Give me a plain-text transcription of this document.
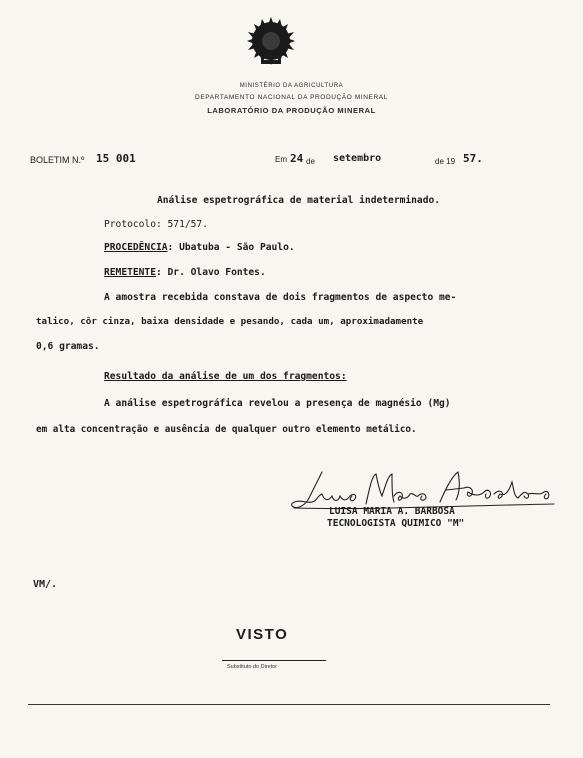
MINISTÉRIO DA AGRICULTURA
DEPARTAMENTO NACIONAL DA PRODUÇÃO MINERAL
LABORATÓRIO DA PRODUÇÃO MINERAL
BOLETIM N.º 15 001	Em 24 de setembro	de 19 57.
Análise espetrográfica de material indeterminado.
Protocolo: 571/57.
PROCEDÊNCIA: Ubatuba - São Paulo.
REMETENTE: Dr. Olavo Fontes.
A amostra recebida constava de dois fragmentos de aspecto me-
talico, côr cinza, baixa densidade e pesando, cada um, aproximadamente
0,6 gramas.
Resultado da análise de um dos fragmentos:
A análise espetrográfica revelou a presença de magnésio (Mg)
em alta concentração e ausência de qualquer outro elemento metálico.
LUISA MARIA A. BARBOSA
TECNOLOGISTA QUIMICO "M"
VM/.
VISTO
Substituto do Diretor
